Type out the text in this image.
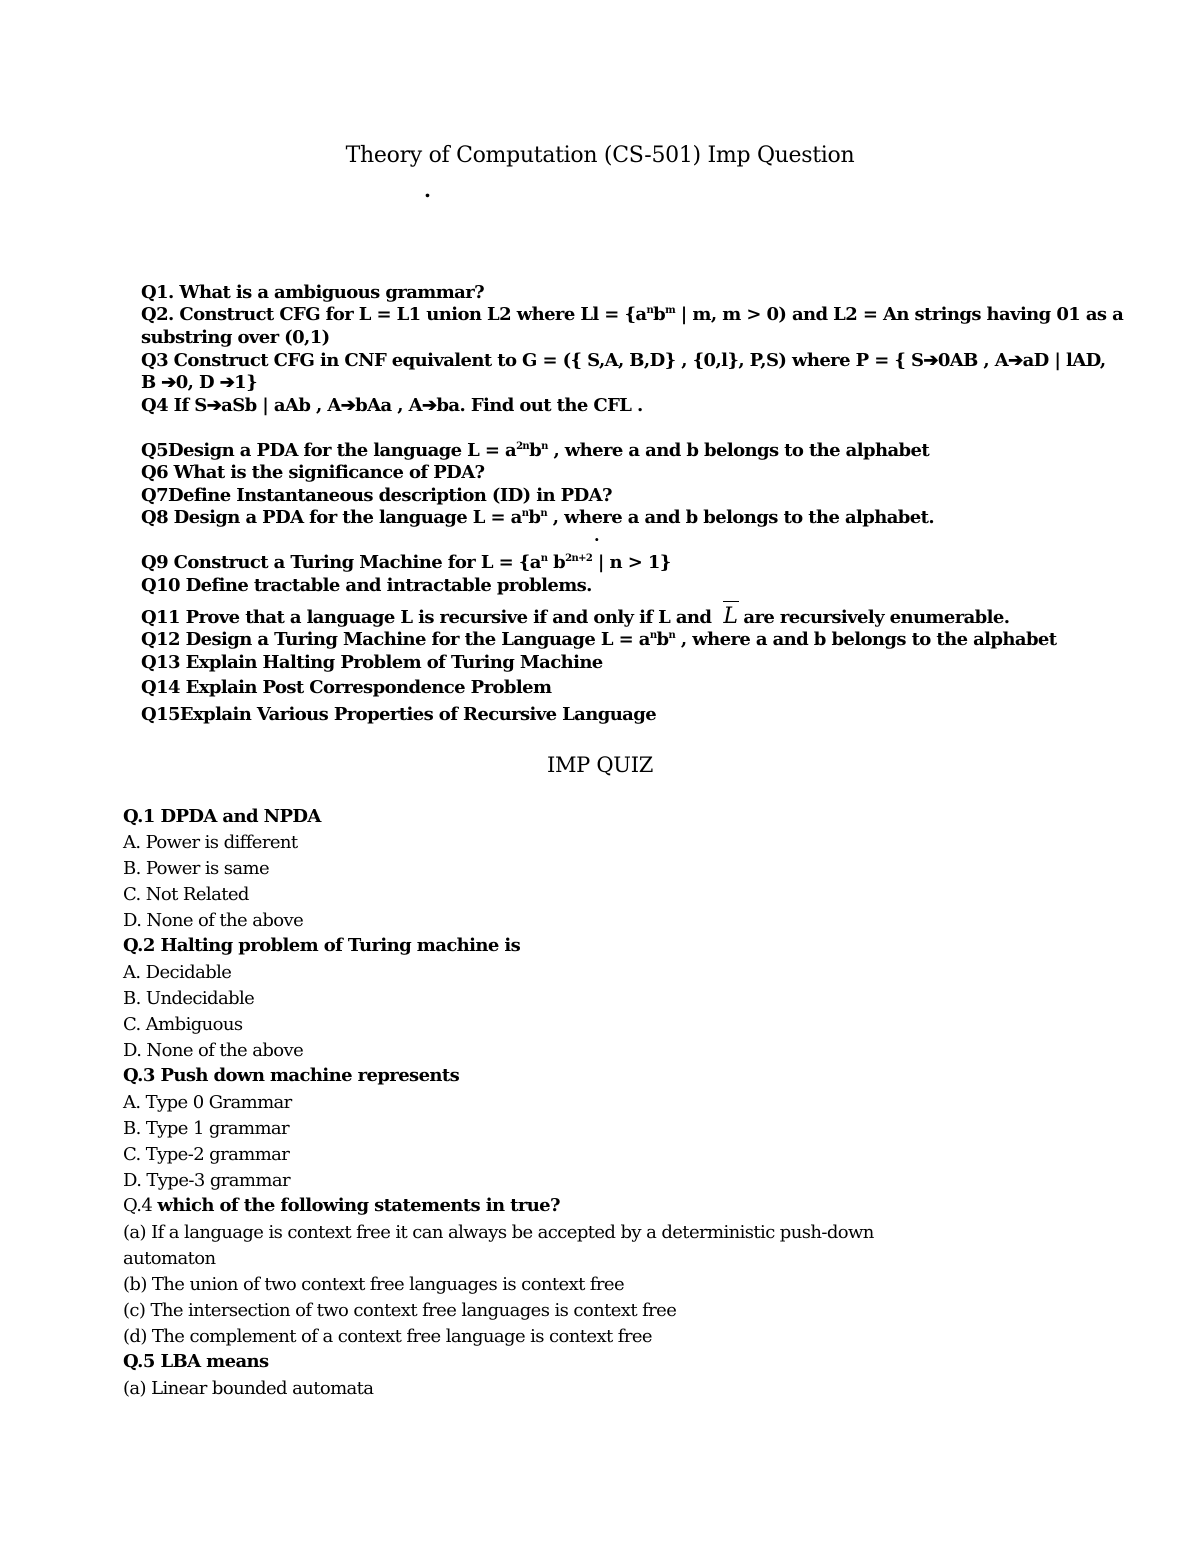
Theory of Computation (CS-501) Imp Question
.
Q1. What is a ambiguous grammar?
Q2. Construct CFG for L = L1 union L2 where $Ll = \{a^nb^m$ | m, m > 0) and L2 = An strings having 01 as a
substring over (0,1)
Q3 Construct CFG in CNF equivalent to G = ({ S,A, B,D} , {0,l}, P,S) where P = { S➔0AB , A➔aD | lAD,
B ➔0, D ➔1}
Q4 If S➔aSb | aAb , A➔bAa , A➔ba. Find out the CFL .
Q5Design a PDA for the language $L = a^{2n}b^n$ , where a and b belongs to the alphabet
Q6 What is the significance of PDA?
Q7Define Instantaneous description (ID) in PDA?
Q8 Design a PDA for the language $L = a^nb^n$ , where a and b belongs to the alphabet.
.
Q9 Construct a Turing Machine for $L = \{a^n$ $b^{2n+2}$ | n > 1}
Q10 Define tractable and intractable problems.
Q11 Prove that a language L is recursive if and only if L and L are recursively enumerable.
Q12 Design a Turing Machine for the Language $L = a^nb^n$ , where a and b belongs to the alphabet
Q13 Explain Halting Problem of Turing Machine
Q14 Explain Post Correspondence Problem
Q15Explain Various Properties of Recursive Language
IMP QUIZ
Q.1 DPDA and NPDA
A. Power is different
B. Power is same
C. Not Related
D. None of the above
Q.2 Halting problem of Turing machine is
A. Decidable
B. Undecidable
C. Ambiguous
D. None of the above
Q.3 Push down machine represents
A. Type 0 Grammar
B. Type 1 grammar
C. Type-2 grammar
D. Type-3 grammar
Q.4 which of the following statements in true?
(a) If a language is context free it can always be accepted by a deterministic push-down
automaton
(b) The union of two context free languages is context free
(c) The intersection of two context free languages is context free
(d) The complement of a context free language is context free
Q.5 LBA means
(a) Linear bounded automata
